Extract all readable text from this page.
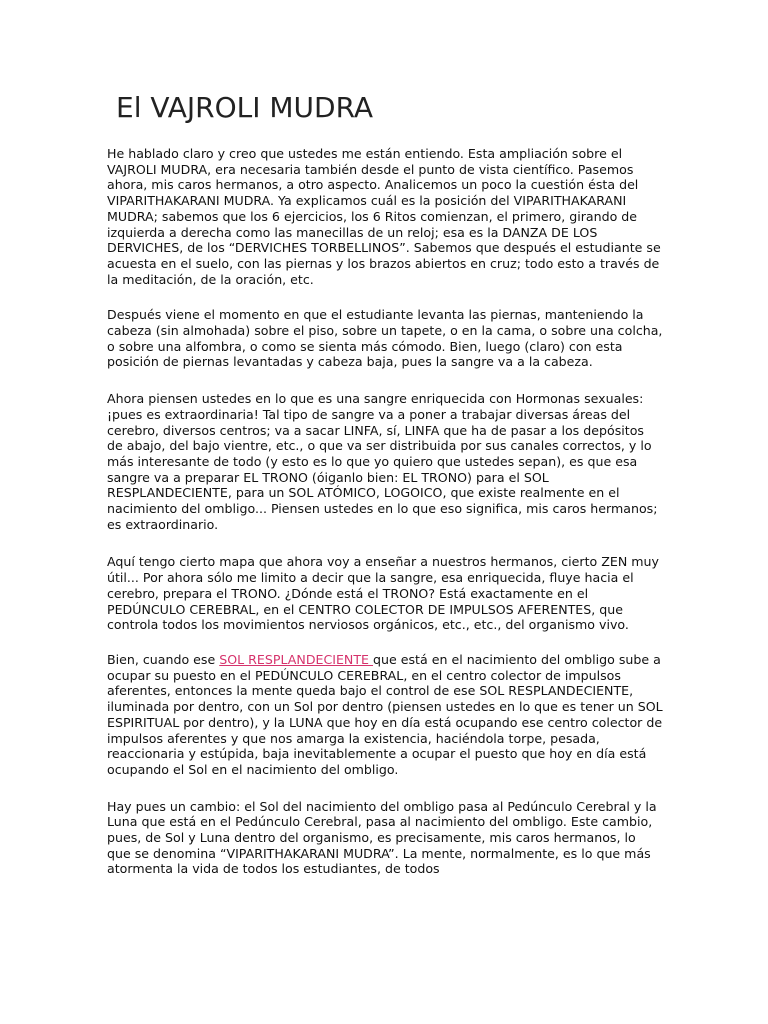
El VAJROLI MUDRA

He hablado claro y creo que ustedes me están entiendo. Esta ampliación sobre el VAJROLI MUDRA, era necesaria también desde el punto de vista científico. Pasemos ahora, mis caros hermanos, a otro aspecto. Analicemos un poco la cuestión ésta del VIPARITHAKARANI MUDRA. Ya explicamos cuál es la posición del VIPARITHAKARANI MUDRA; sabemos que los 6 ejercicios, los 6 Ritos comienzan, el primero, girando de izquierda a derecha como las manecillas de un reloj; esa es la DANZA DE LOS DERVICHES, de los “DERVICHES TORBELLINOS”. Sabemos que después el estudiante se acuesta en el suelo, con las piernas y los brazos abiertos en cruz; todo esto a través de la meditación, de la oración, etc.

Después viene el momento en que el estudiante levanta las piernas, manteniendo la cabeza (sin almohada) sobre el piso, sobre un tapete, o en la cama, o sobre una colcha, o sobre una alfombra, o como se sienta más cómodo. Bien, luego (claro) con esta posición de piernas levantadas y cabeza baja, pues la sangre va a la cabeza.

Ahora piensen ustedes en lo que es una sangre enriquecida con Hormonas sexuales: ¡pues es extraordinaria! Tal tipo de sangre va a poner a trabajar diversas áreas del cerebro, diversos centros; va a sacar LINFA, sí, LINFA que ha de pasar a los depósitos de abajo, del bajo vientre, etc., o que va ser distribuida por sus canales correctos, y lo más interesante de todo (y esto es lo que yo quiero que ustedes sepan), es que esa sangre va a preparar EL TRONO (óiganlo bien: EL TRONO) para el SOL RESPLANDECIENTE, para un SOL ATÓMICO, LOGOICO, que existe realmente en el nacimiento del ombligo... Piensen ustedes en lo que eso significa, mis caros hermanos; es extraordinario.

Aquí tengo cierto mapa que ahora voy a enseñar a nuestros hermanos, cierto ZEN muy útil... Por ahora sólo me limito a decir que la sangre, esa enriquecida, fluye hacia el cerebro, prepara el TRONO. ¿Dónde está el TRONO? Está exactamente en el PEDÚNCULO CEREBRAL, en el CENTRO COLECTOR DE IMPULSOS AFERENTES, que controla todos los movimientos nerviosos orgánicos, etc., etc., del organismo vivo.

Bien, cuando ese SOL RESPLANDECIENTE que está en el nacimiento del ombligo sube a ocupar su puesto en el PEDÚNCULO CEREBRAL, en el centro colector de impulsos aferentes, entonces la mente queda bajo el control de ese SOL RESPLANDECIENTE, iluminada por dentro, con un Sol por dentro (piensen ustedes en lo que es tener un SOL ESPIRITUAL por dentro), y la LUNA que hoy en día está ocupando ese centro colector de impulsos aferentes y que nos amarga la existencia, haciéndola torpe, pesada, reaccionaria y estúpida, baja inevitablemente a ocupar el puesto que hoy en día está ocupando el Sol en el nacimiento del ombligo.

Hay pues un cambio: el Sol del nacimiento del ombligo pasa al Pedúnculo Cerebral y la Luna que está en el Pedúnculo Cerebral, pasa al nacimiento del ombligo. Este cambio, pues, de Sol y Luna dentro del organismo, es precisamente, mis caros hermanos, lo que se denomina “VIPARITHAKARANI MUDRA”. La mente, normalmente, es lo que más atormenta la vida de todos los estudiantes, de todos
